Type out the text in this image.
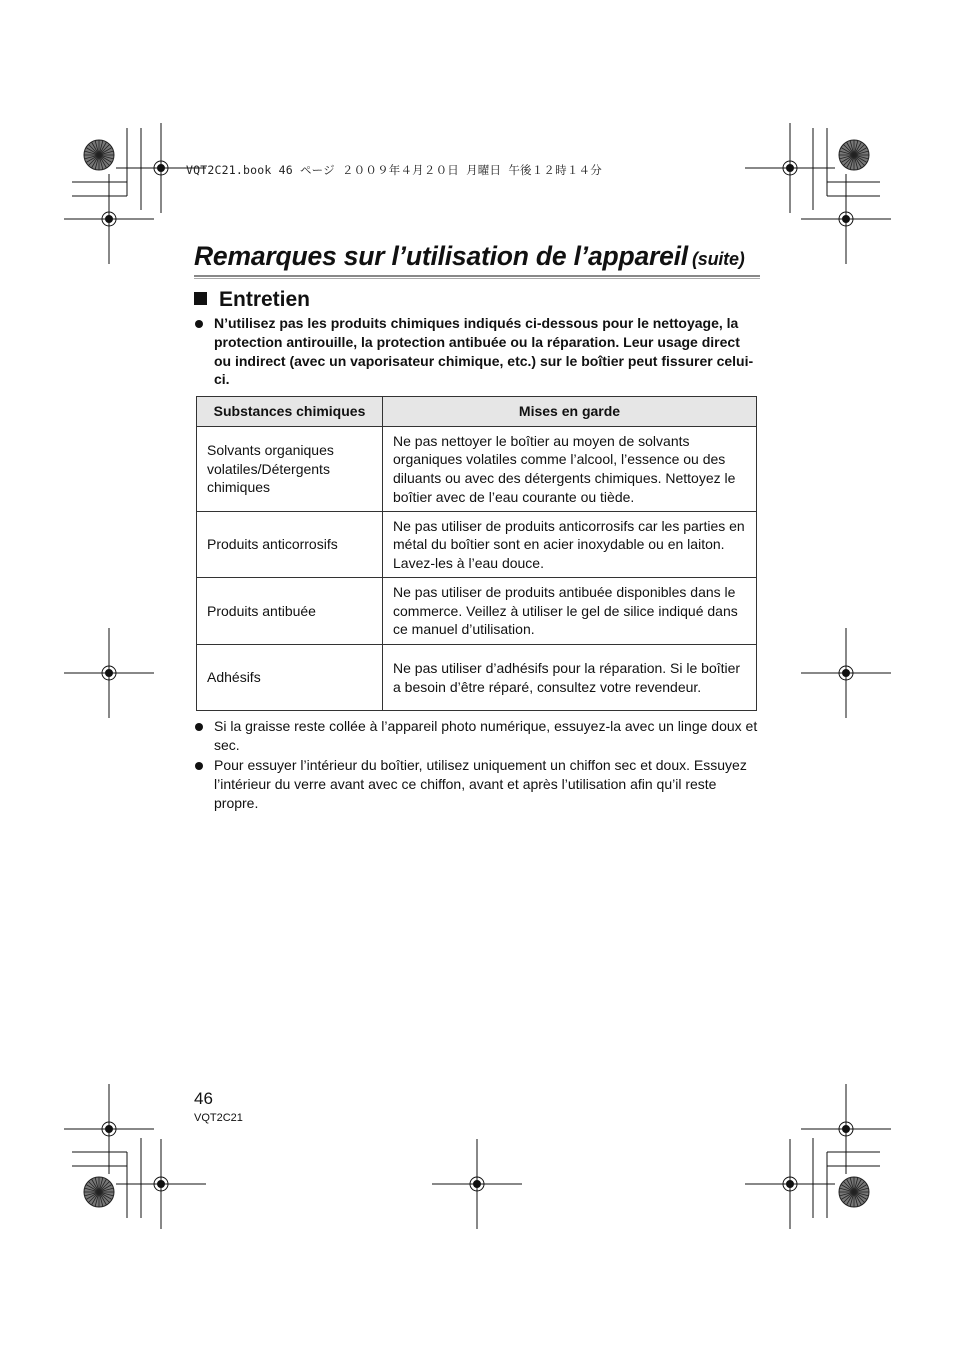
VQT2C21.book 46 ページ ２００９年４月２０日 月曜日 午後１２時１４分
Remarques sur l’utilisation de l’appareil (suite)
Entretien
N’utilisez pas les produits chimiques indiqués ci-dessous pour le nettoyage, la protection antirouille, la protection antibuée ou la réparation. Leur usage direct ou indirect (avec un vaporisateur chimique, etc.) sur le boîtier peut fissurer celui-ci.
Substances chimiques	Mises en garde
Solvants organiques volatiles/Détergents chimiques	Ne pas nettoyer le boîtier au moyen de solvants organiques volatiles comme l’alcool, l’essence ou des diluants ou avec des détergents chimiques. Nettoyez le boîtier avec de l’eau courante ou tiède.
Produits anticorrosifs	Ne pas utiliser de produits anticorrosifs car les parties en métal du boîtier sont en acier inoxydable ou en laiton. Lavez-les à l’eau douce.
Produits antibuée	Ne pas utiliser de produits antibuée disponibles dans le commerce. Veillez à utiliser le gel de silice indiqué dans ce manuel d’utilisation.
Adhésifs	Ne pas utiliser d’adhésifs pour la réparation. Si le boîtier a besoin d’être réparé, consultez votre revendeur.
Si la graisse reste collée à l’appareil photo numérique, essuyez-la avec un linge doux et sec.
Pour essuyer l’intérieur du boîtier, utilisez uniquement un chiffon sec et doux. Essuyez l’intérieur du verre avant avec ce chiffon, avant et après l’utilisation afin qu’il reste propre.
46
VQT2C21
